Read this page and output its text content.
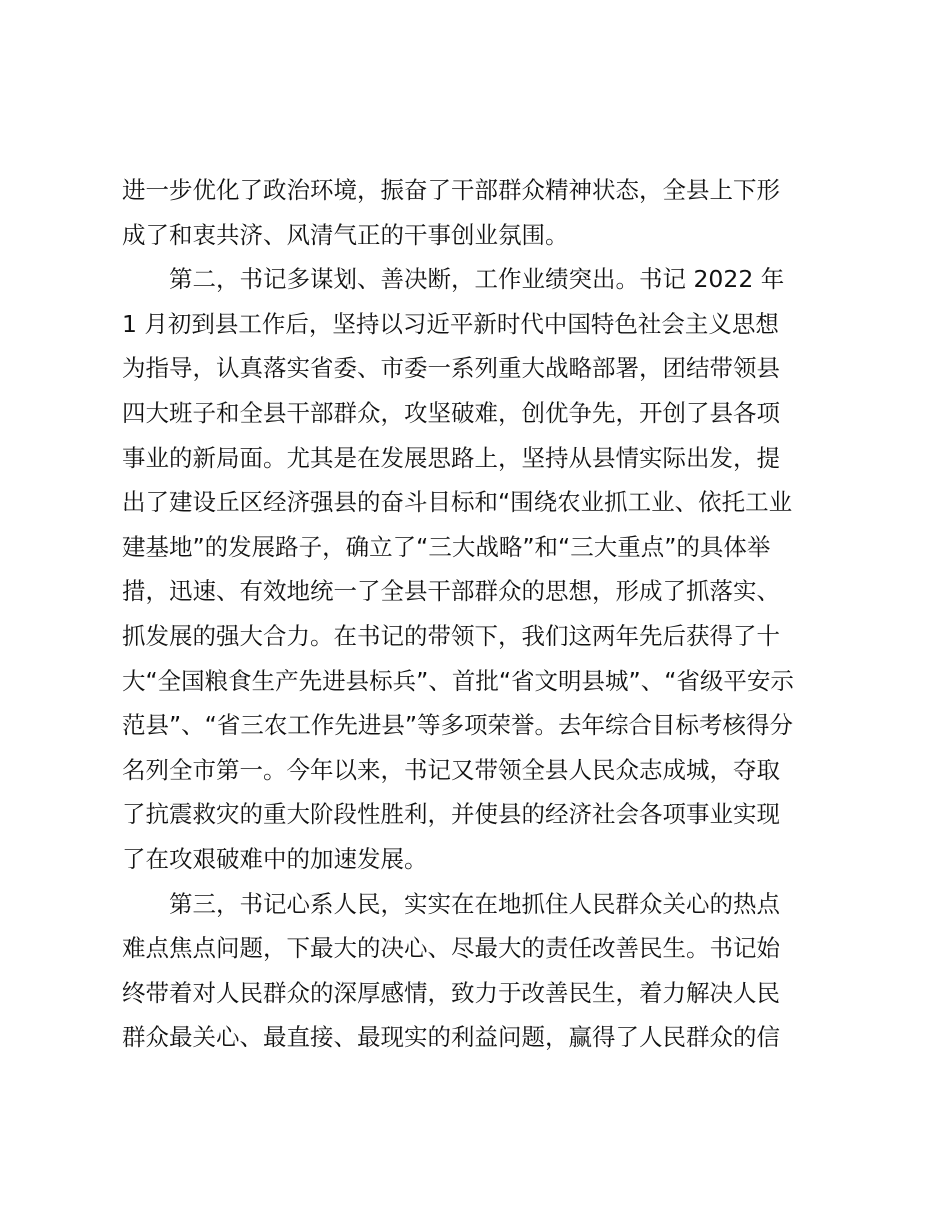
进一步优化了政治环境，振奋了干部群众精神状态，全县上下形
成了和衷共济、风清气正的干事创业氛围。
　　第二，书记多谋划、善决断，工作业绩突出。书记 2022 年
1 月初到县工作后，坚持以习近平新时代中国特色社会主义思想
为指导，认真落实省委、市委一系列重大战略部署，团结带领县
四大班子和全县干部群众，攻坚破难，创优争先，开创了县各项
事业的新局面。尤其是在发展思路上，坚持从县情实际出发，提
出了建设丘区经济强县的奋斗目标和“围绕农业抓工业、依托工业
建基地”的发展路子，确立了“三大战略”和“三大重点”的具体举
措，迅速、有效地统一了全县干部群众的思想，形成了抓落实、
抓发展的强大合力。在书记的带领下，我们这两年先后获得了十
大“全国粮食生产先进县标兵”、首批“省文明县城”、“省级平安示
范县”、“省三农工作先进县”等多项荣誉。去年综合目标考核得分
名列全市第一。今年以来，书记又带领全县人民众志成城，夺取
了抗震救灾的重大阶段性胜利，并使县的经济社会各项事业实现
了在攻艰破难中的加速发展。
　　第三，书记心系人民，实实在在地抓住人民群众关心的热点
难点焦点问题，下最大的决心、尽最大的责任改善民生。书记始
终带着对人民群众的深厚感情，致力于改善民生，着力解决人民
群众最关心、最直接、最现实的利益问题，赢得了人民群众的信
